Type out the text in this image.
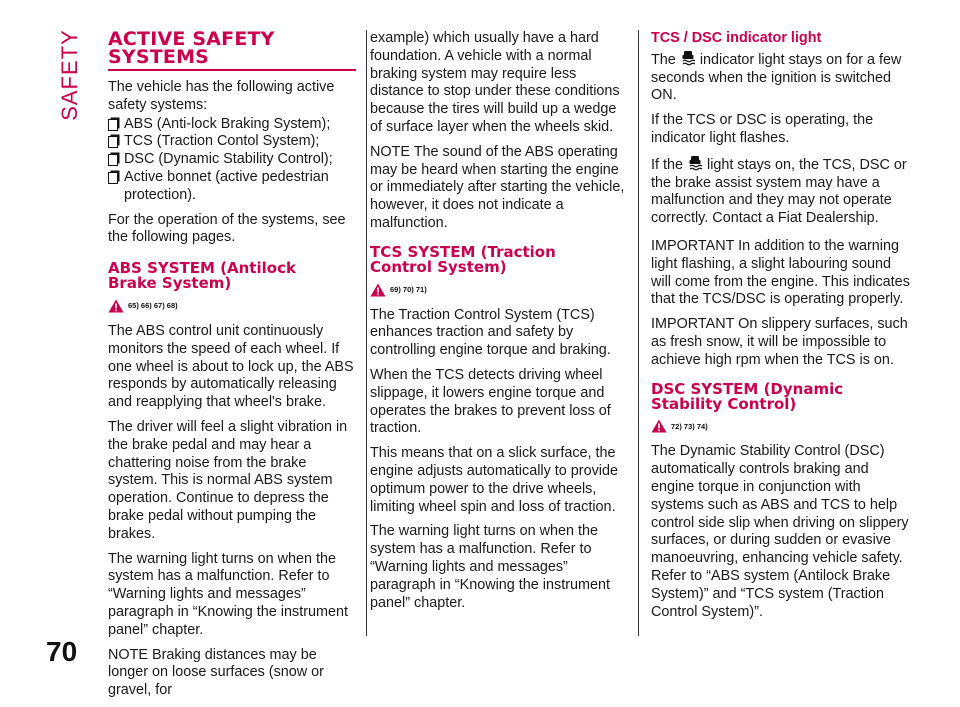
SAFETY ACTIVE SAFETY
SYSTEMS

The vehicle has the following active safety systems:

ABS (Anti-lock Braking System);
TCS (Traction Contol System);
DSC (Dynamic Stability Control);
Active bonnet (active pedestrian protection).

For the operation of the systems, see the following pages.

ABS SYSTEM (Antilock
Brake System)
65) 66) 67) 68)

The ABS control unit continuously monitors the speed of each wheel. If one wheel is about to lock up, the ABS responds by automatically releasing and reapplying that wheel's brake.

The driver will feel a slight vibration in the brake pedal and may hear a chattering noise from the brake system. This is normal ABS system operation. Continue to depress the brake pedal without pumping the brakes.

The warning light turns on when the system has a malfunction. Refer to “Warning lights and messages” paragraph in “Knowing the instrument panel” chapter.

NOTE Braking distances may be longer on loose surfaces (snow or gravel, for

example) which usually have a hard foundation. A vehicle with a normal braking system may require less distance to stop under these conditions because the tires will build up a wedge of surface layer when the wheels skid.

NOTE The sound of the ABS operating may be heard when starting the engine or immediately after starting the vehicle, however, it does not indicate a malfunction.

TCS SYSTEM (Traction
Control System)
69) 70) 71)

The Traction Control System (TCS) enhances traction and safety by controlling engine torque and braking.

When the TCS detects driving wheel slippage, it lowers engine torque and operates the brakes to prevent loss of traction.

This means that on a slick surface, the engine adjusts automatically to provide optimum power to the drive wheels, limiting wheel spin and loss of traction.

The warning light turns on when the system has a malfunction. Refer to “Warning lights and messages” paragraph in “Knowing the instrument panel” chapter.

TCS / DSC indicator light

The indicator light stays on for a few seconds when the ignition is switched ON.

If the TCS or DSC is operating, the indicator light flashes.

If the light stays on, the TCS, DSC or the brake assist system may have a malfunction and they may not operate correctly. Contact a Fiat Dealership.

IMPORTANT In addition to the warning light flashing, a slight labouring sound will come from the engine. This indicates that the TCS/DSC is operating properly.

IMPORTANT On slippery surfaces, such as fresh snow, it will be impossible to achieve high rpm when the TCS is on.

DSC SYSTEM (Dynamic
Stability Control)
72) 73) 74)

The Dynamic Stability Control (DSC) automatically controls braking and engine torque in conjunction with systems such as ABS and TCS to help control side slip when driving on slippery surfaces, or during sudden or evasive manoeuvring, enhancing vehicle safety. Refer to “ABS system (Antilock Brake System)” and “TCS system (Traction Control System)”.

70
